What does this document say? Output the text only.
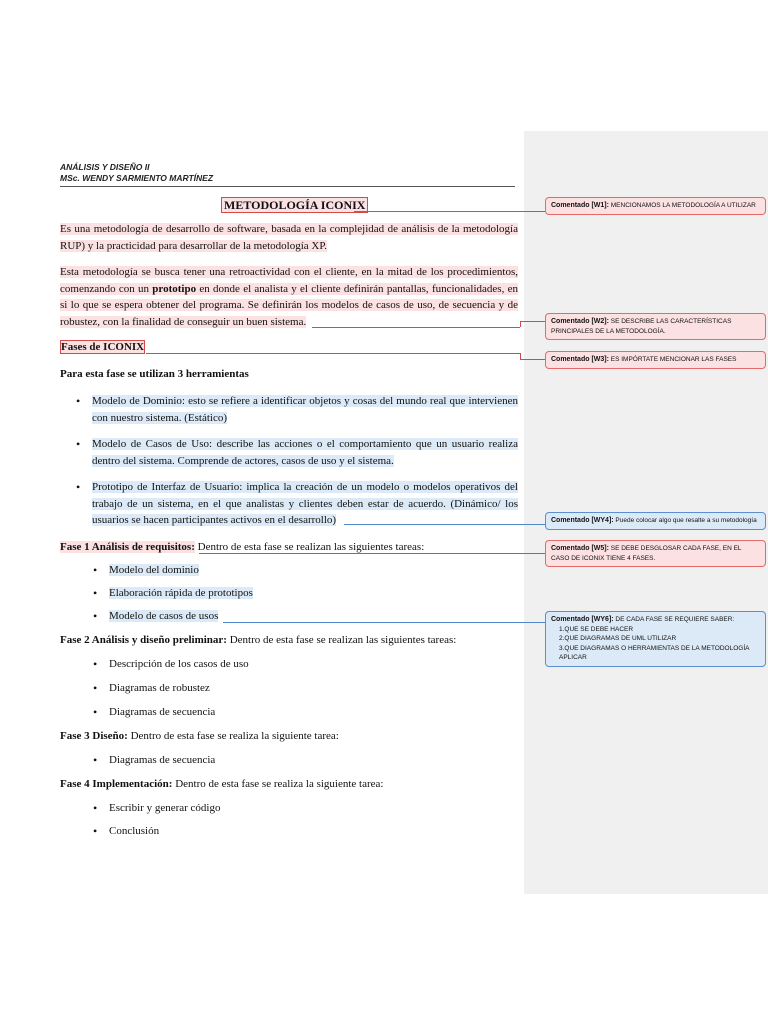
ANÁLISIS Y DISEÑO II
MSc. WENDY SARMIENTO MARTÍNEZ
METODOLOGÍA ICONIX
Es una metodología de desarrollo de software, basada en la complejidad de análisis de la metodología RUP) y la practicidad para desarrollar de la metodología XP.
Esta metodología se busca tener una retroactividad con el cliente, en la mitad de los procedimientos, comenzando con un prototipo en donde el analista y el cliente definirán pantallas, funcionalidades, en si lo que se espera obtener del programa. Se definirán los modelos de casos de uso, de secuencia y de robustez, con la finalidad de conseguir un buen sistema.
Fases de ICONIX
Para esta fase se utilizan 3 herramientas
• Modelo de Dominio: esto se refiere a identificar objetos y cosas del mundo real que intervienen con nuestro sistema. (Estático)
• Modelo de Casos de Uso: describe las acciones o el comportamiento que un usuario realiza dentro del sistema. Comprende de actores, casos de uso y el sistema.
• Prototipo de Interfaz de Usuario: implica la creación de un modelo o modelos operativos del trabajo de un sistema, en el que analistas y clientes deben estar de acuerdo. (Dinámico/ los usuarios se hacen participantes activos en el desarrollo)
Fase 1 Análisis de requisitos: Dentro de esta fase se realizan las siguientes tareas:
• Modelo del dominio
• Elaboración rápida de prototipos
• Modelo de casos de usos
Fase 2 Análisis y diseño preliminar: Dentro de esta fase se realizan las siguientes tareas:
• Descripción de los casos de uso
• Diagramas de robustez
• Diagramas de secuencia
Fase 3 Diseño: Dentro de esta fase se realiza la siguiente tarea:
• Diagramas de secuencia
Fase 4 Implementación: Dentro de esta fase se realiza la siguiente tarea:
• Escribir y generar código
• Conclusión
Comentado [W1]: MENCIONAMOS LA METODOLOGÍA A UTILIZAR
Comentado [W2]: SE DESCRIBE LAS CARACTERÍSTICAS PRINCIPALES DE LA METODOLOGÍA.
Comentado [W3]: ES IMPÓRTATE MENCIONAR LAS FASES
Comentado [WY4]: Puede colocar algo que resalte a su metodología
Comentado [W5]: SE DEBE DESGLOSAR CADA FASE, EN EL CASO DE ICONIX TIENE 4 FASES.
Comentado [WY6]: DE CADA FASE SE REQUIERE SABER:
1.QUE SE DEBE HACER
2.QUE DIAGRAMAS DE UML UTILIZAR
3.QUE DIAGRAMAS O HERRAMIENTAS DE LA METODOLOGÍA APLICAR
